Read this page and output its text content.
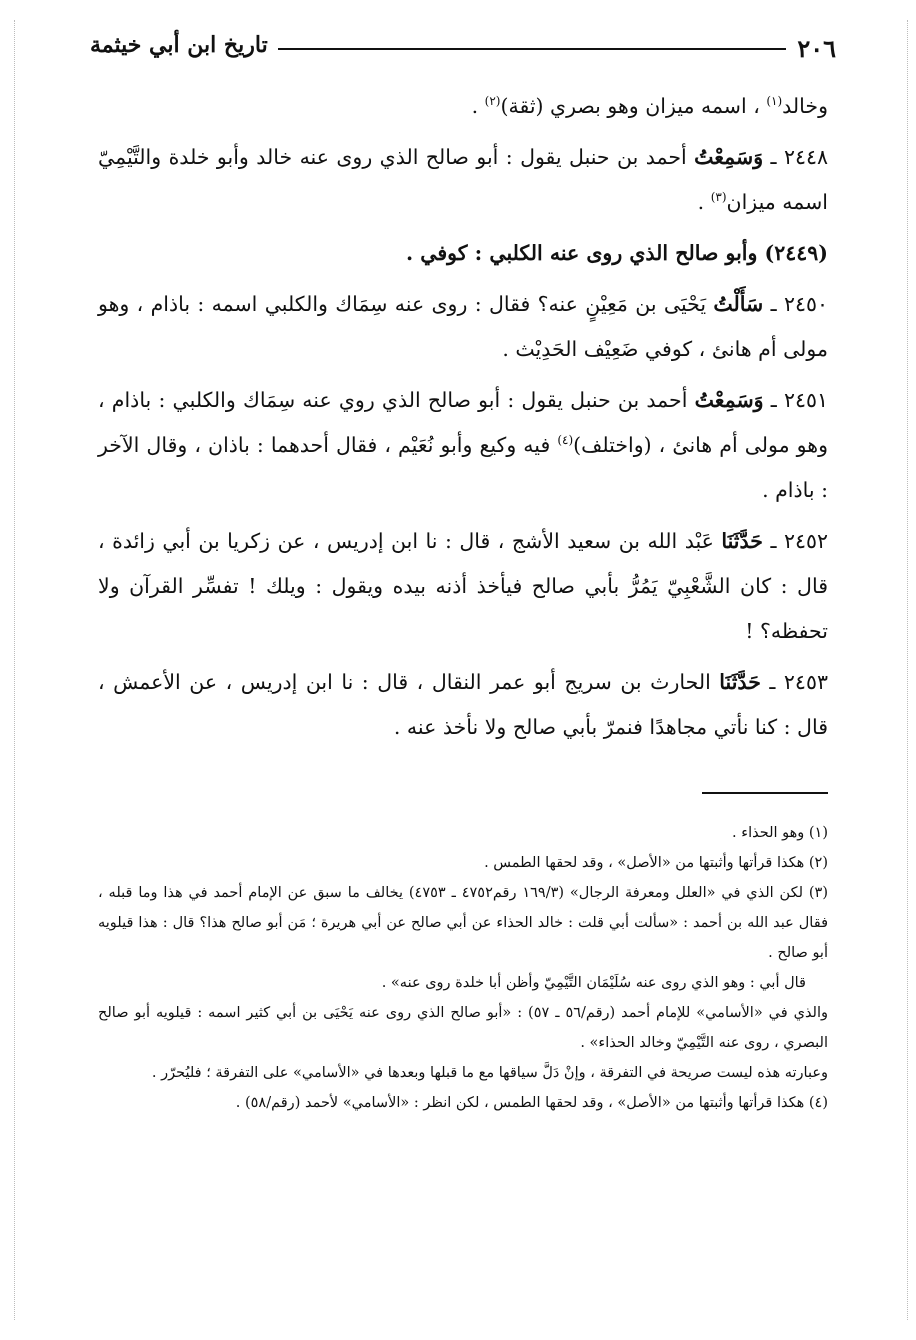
٢٠٦
تاريخ ابن أبي خيثمة

وخالد$^{(١)}$ ، اسمه ميزان وهو بصري (ثقة)$^{(٢)}$ .

٢٤٤٨ ـ وَسَمِعْتُ أحمد بن حنبل يقول : أبو صالح الذي روى عنه خالد وأبو خلدة والتَّيْمِيّ اسمه ميزان$^{(٣)}$ .

(٢٤٤٩) وأبو صالح الذي روى عنه الكلبي : كوفي .

٢٤٥٠ ـ سَأَلْتُ يَحْيَى بن مَعِيْنٍ عنه؟ فقال : روى عنه سِمَاك والكلبي اسمه : باذام ، وهو مولى أم هانئ ، كوفي ضَعِيْف الحَدِيْث .

٢٤٥١ ـ وَسَمِعْتُ أحمد بن حنبل يقول : أبو صالح الذي روي عنه سِمَاك والكلبي : باذام ، وهو مولى أم هانئ ، (واختلف)$^{(٤)}$ فيه وكيع وأبو نُعَيْم ، فقال أحدهما : باذان ، وقال الآخر : باذام .

٢٤٥٢ ـ حَدَّثَنَا عَبْد الله بن سعيد الأشج ، قال : نا ابن إدريس ، عن زكريا بن أبي زائدة ، قال : كان الشَّعْبِيّ يَمُرُّ بأبي صالح فيأخذ أذنه بيده ويقول : ويلك ! تفسِّر القرآن ولا تحفظه؟ !

٢٤٥٣ ـ حَدَّثَنَا الحارث بن سريج أبو عمر النقال ، قال : نا ابن إدريس ، عن الأعمش ، قال : كنا نأتي مجاهدًا فنمرّ بأبي صالح ولا نأخذ عنه .

(١) وهو الحذاء .

(٢) هكذا قرأتها وأثبتها من «الأصل» ، وقد لحقها الطمس .

(٣) لكن الذي في «العلل ومعرفة الرجال» (١٦٩/٣ رقم٤٧٥٢ ـ ٤٧٥٣) يخالف ما سبق عن الإمام أحمد في هذا وما قبله ، فقال عبد الله بن أحمد : «سألت أبي قلت : خالد الحذاء عن أبي صالح عن أبي هريرة ؛ مَن أبو صالح هذا؟ قال : هذا قيلويه أبو صالح .

قال أبي : وهو الذي روى عنه سُلَيْمَان التَّيْمِيّ وأظن أبا خلدة روى عنه» .

والذي في «الأسامي» للإمام أحمد (رقم/٥٦ ـ ٥٧) : «أبو صالح الذي روى عنه يَحْيَى بن أبي كثير اسمه : قيلويه أبو صالح البصري ، روى عنه التَّيْمِيّ وخالد الحذاء» .

وعبارته هذه ليست صريحة في التفرقة ، وإنْ دَلَّ سياقها مع ما قبلها وبعدها في «الأسامي» على التفرقة ؛ فليُحرّر .

(٤) هكذا قرأتها وأثبتها من «الأصل» ، وقد لحقها الطمس ، لكن انظر : «الأسامي» لأحمد (رقم/٥٨) .
